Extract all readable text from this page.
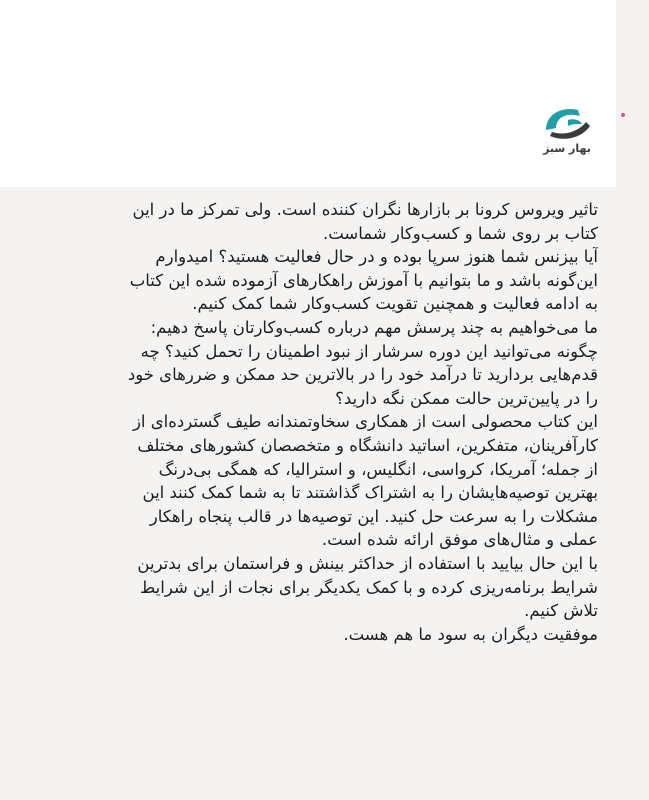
بهار سبز
تاثیر ویروس کرونا بر بازارها نگران کننده است. ولی تمرکز ما در این
کتاب بر روی شما و کسب‌وکار شماست.
آیا بیزنس شما هنوز سرپا بوده و در حال فعالیت هستید؟ امیدوارم
این‌گونه باشد و ما بتوانیم با آموزش راهکارهای آزموده شده این کتاب
به ادامه فعالیت و همچنین تقویت کسب‌وکار شما کمک کنیم.
ما می‌خواهیم به چند پرسش مهم درباره کسب‌وکارتان پاسخ دهیم:
چگونه می‌توانید این دوره سرشار از نبود اطمینان را تحمل کنید؟ چه
قدم‌هایی بردارید تا درآمد خود را در بالاترین حد ممکن و ضررهای خود
را در پایین‌ترین حالت ممکن نگه دارید؟
این کتاب محصولی است از همکاری سخاوتمندانه طیف گسترده‌ای از
کارآفرینان، متفکرین، اساتید دانشگاه و متخصصان کشورهای مختلف
از جمله؛ آمریکا، کرواسی، انگلیس، و استرالیا، که همگی بی‌درنگ
بهترین توصیه‌هایشان را به اشتراک گذاشتند تا به شما کمک کنند این
مشکلات را به سرعت حل کنید. این توصیه‌ها در قالب پنجاه راهکار
عملی و مثال‌های موفق ارائه شده است.
با این حال بیایید با استفاده از حداکثر بینش و فراستمان برای بدترین
شرایط برنامه‌ریزی کرده و با کمک یکدیگر برای نجات از این شرایط
تلاش کنیم.
موفقیت دیگران به سود ما هم هست.
